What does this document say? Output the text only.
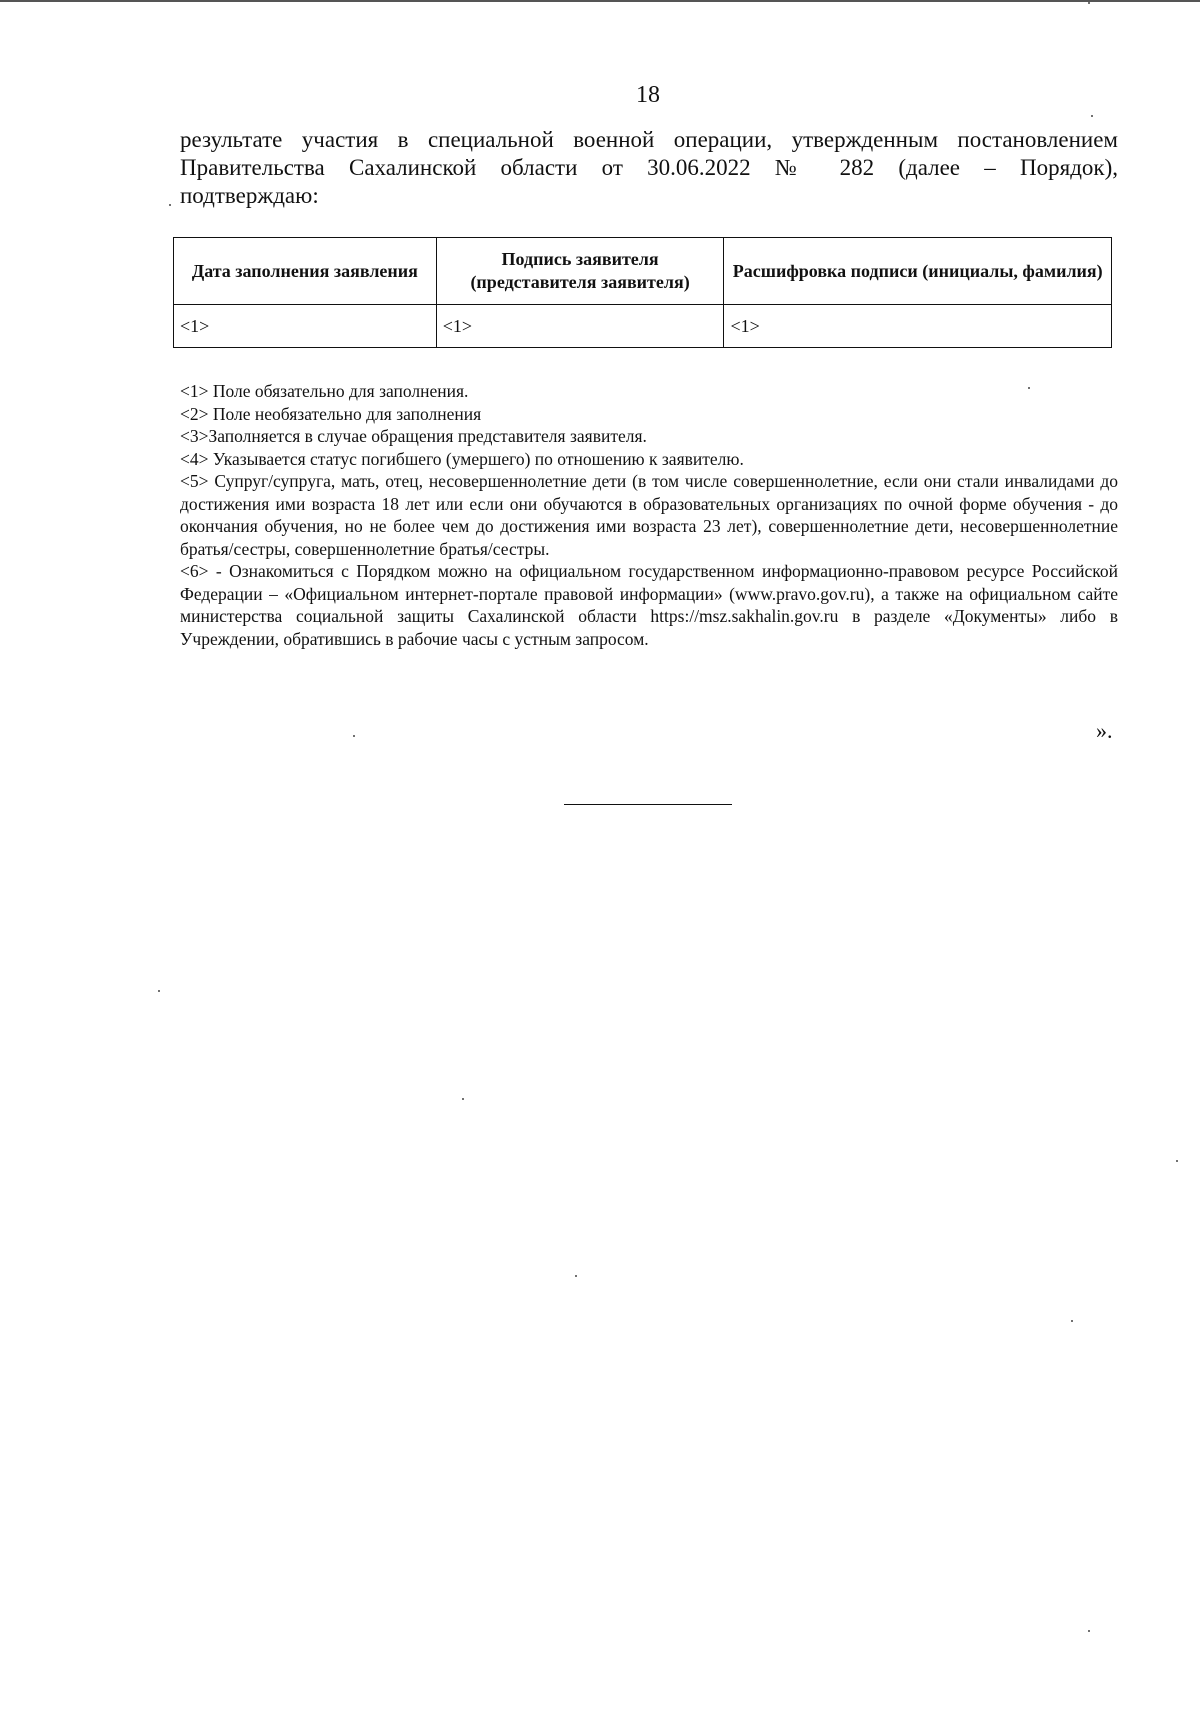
18

результате участия в специальной военной операции, утвержденным постановлением

Правительства Сахалинской области от 30.06.2022 № 282 (далее – Порядок),

подтверждаю:

Дата заполнения заявления	Подпись заявителя (представителя заявителя)	Расшифровка подписи (инициалы, фамилия)
<1>	<1>	<1>

<1> Поле обязательно для заполнения.

<2> Поле необязательно для заполнения

<3>Заполняется в случае обращения представителя заявителя.

<4> Указывается статус погибшего (умершего) по отношению к заявителю.

<5> Супруг/супруга, мать, отец, несовершеннолетние дети (в том числе совершеннолетние, если они стали инвалидами до достижения ими возраста 18 лет или если они обучаются в образовательных организациях по очной форме обучения - до окончания обучения, но не более чем до достижения ими возраста 23 лет), совершеннолетние дети, несовершеннолетние братья/сестры, совершеннолетние братья/сестры.

<6> - Ознакомиться с Порядком можно на официальном государственном информационно-правовом ресурсе Российской Федерации – «Официальном интернет-портале правовой информации» (www.pravo.gov.ru), а также на официальном сайте министерства социальной защиты Сахалинской области https://msz.sakhalin.gov.ru в разделе «Документы» либо в Учреждении, обратившись в рабочие часы с устным запросом.

».
